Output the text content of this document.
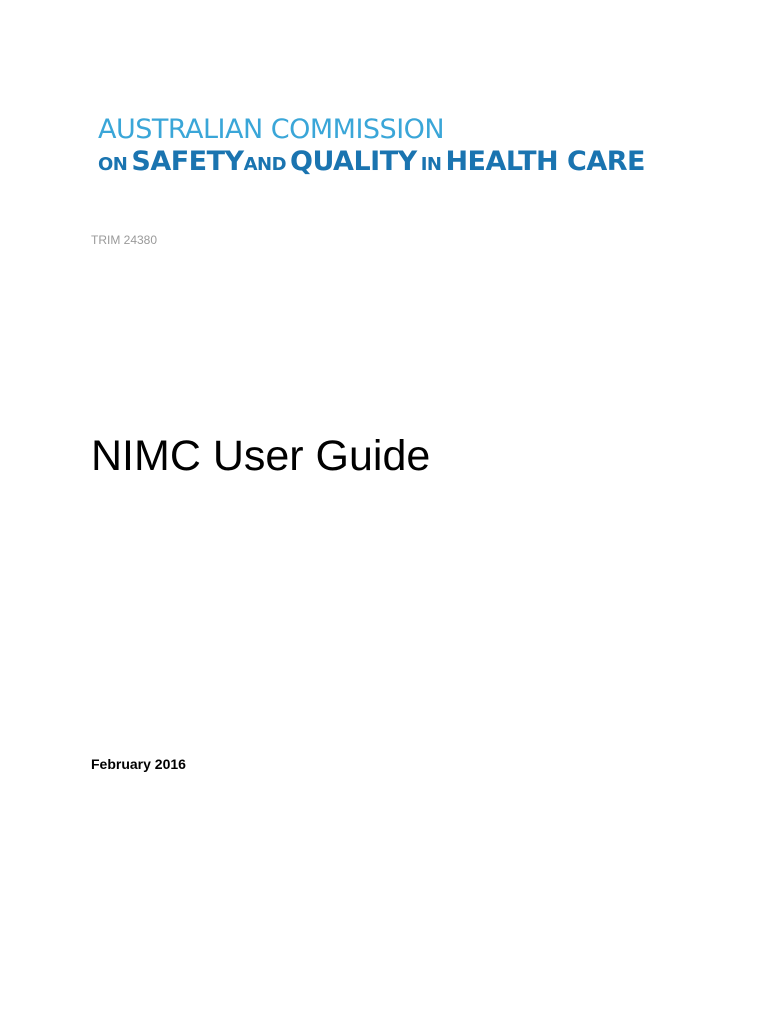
AUSTRALIAN COMMISSION
ON SAFETYAND QUALITY IN HEALTH CARE
TRIM 24380
NIMC User Guide
February 2016
